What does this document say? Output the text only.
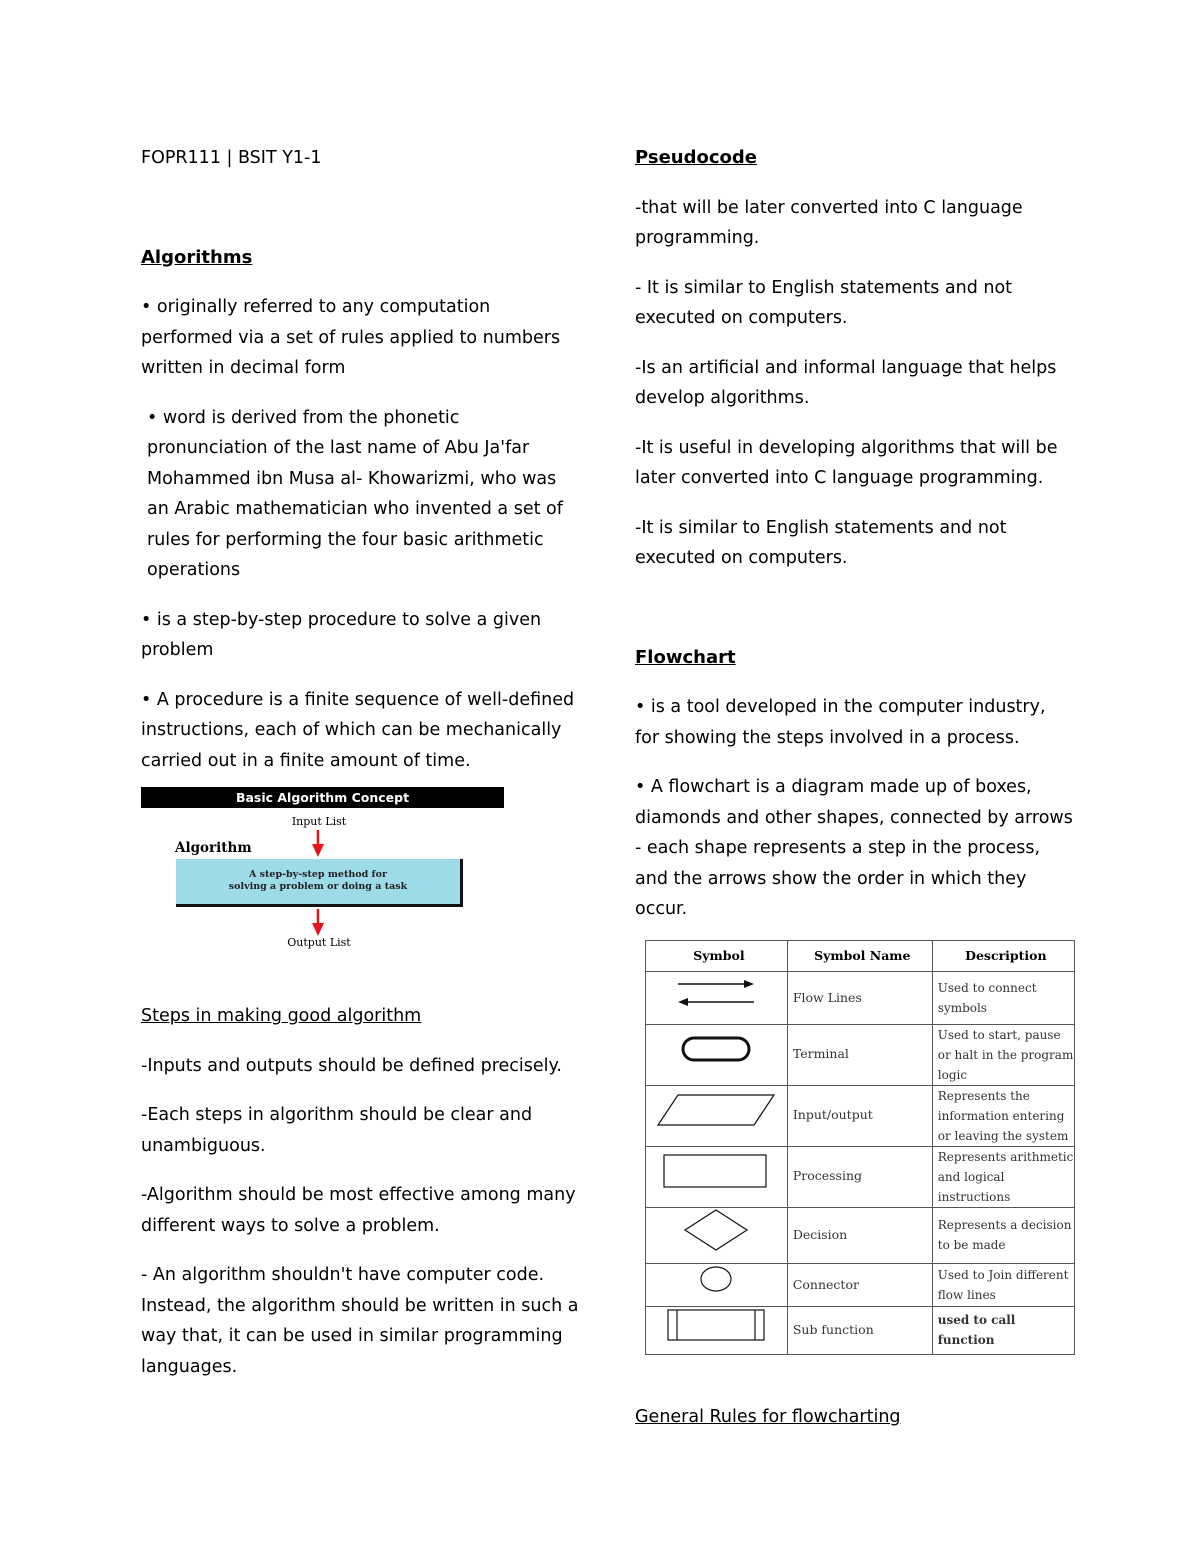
FOPR111 | BSIT Y1-1
Algorithms

• originally referred to any computation performed via a set of rules applied to numbers written in decimal form

• word is derived from the phonetic pronunciation of the last name of Abu Ja'far Mohammed ibn Musa al- Khowarizmi, who was an Arabic mathematician who invented a set of rules for performing the four basic arithmetic operations

• is a step-by-step procedure to solve a given problem

• A procedure is a finite sequence of well-defined instructions, each of which can be mechanically carried out in a finite amount of time.

Basic Algorithm Concept
Input List
Algorithm
A step-by-step method for
solving a problem or doing a task
Output List
Steps in making good algorithm

-Inputs and outputs should be defined precisely.

-Each steps in algorithm should be clear and unambiguous.

-Algorithm should be most effective among many different ways to solve a problem.

- An algorithm shouldn't have computer code. Instead, the algorithm should be written in such a way that, it can be used in similar programming languages.

Pseudocode

-that will be later converted into C language programming.

- It is similar to English statements and not executed on computers.

-Is an artificial and informal language that helps develop algorithms.

-It is useful in developing algorithms that will be later converted into C language programming.

-It is similar to English statements and not executed on computers.

Flowchart

• is a tool developed in the computer industry, for showing the steps involved in a process.

• A flowchart is a diagram made up of boxes, diamonds and other shapes, connected by arrows - each shape represents a step in the process, and the arrows show the order in which they occur.

Symbol	Symbol Name	Description
	Flow Lines	Used to connect symbols
	Terminal	Used to start, pause or halt in the program logic
	Input/output	Represents the information entering or leaving the system
	Processing	Represents arithmetic and logical instructions
	Decision	Represents a decision to be made
	Connector	Used to Join different flow lines
	Sub function	used to call function
General Rules for flowcharting
